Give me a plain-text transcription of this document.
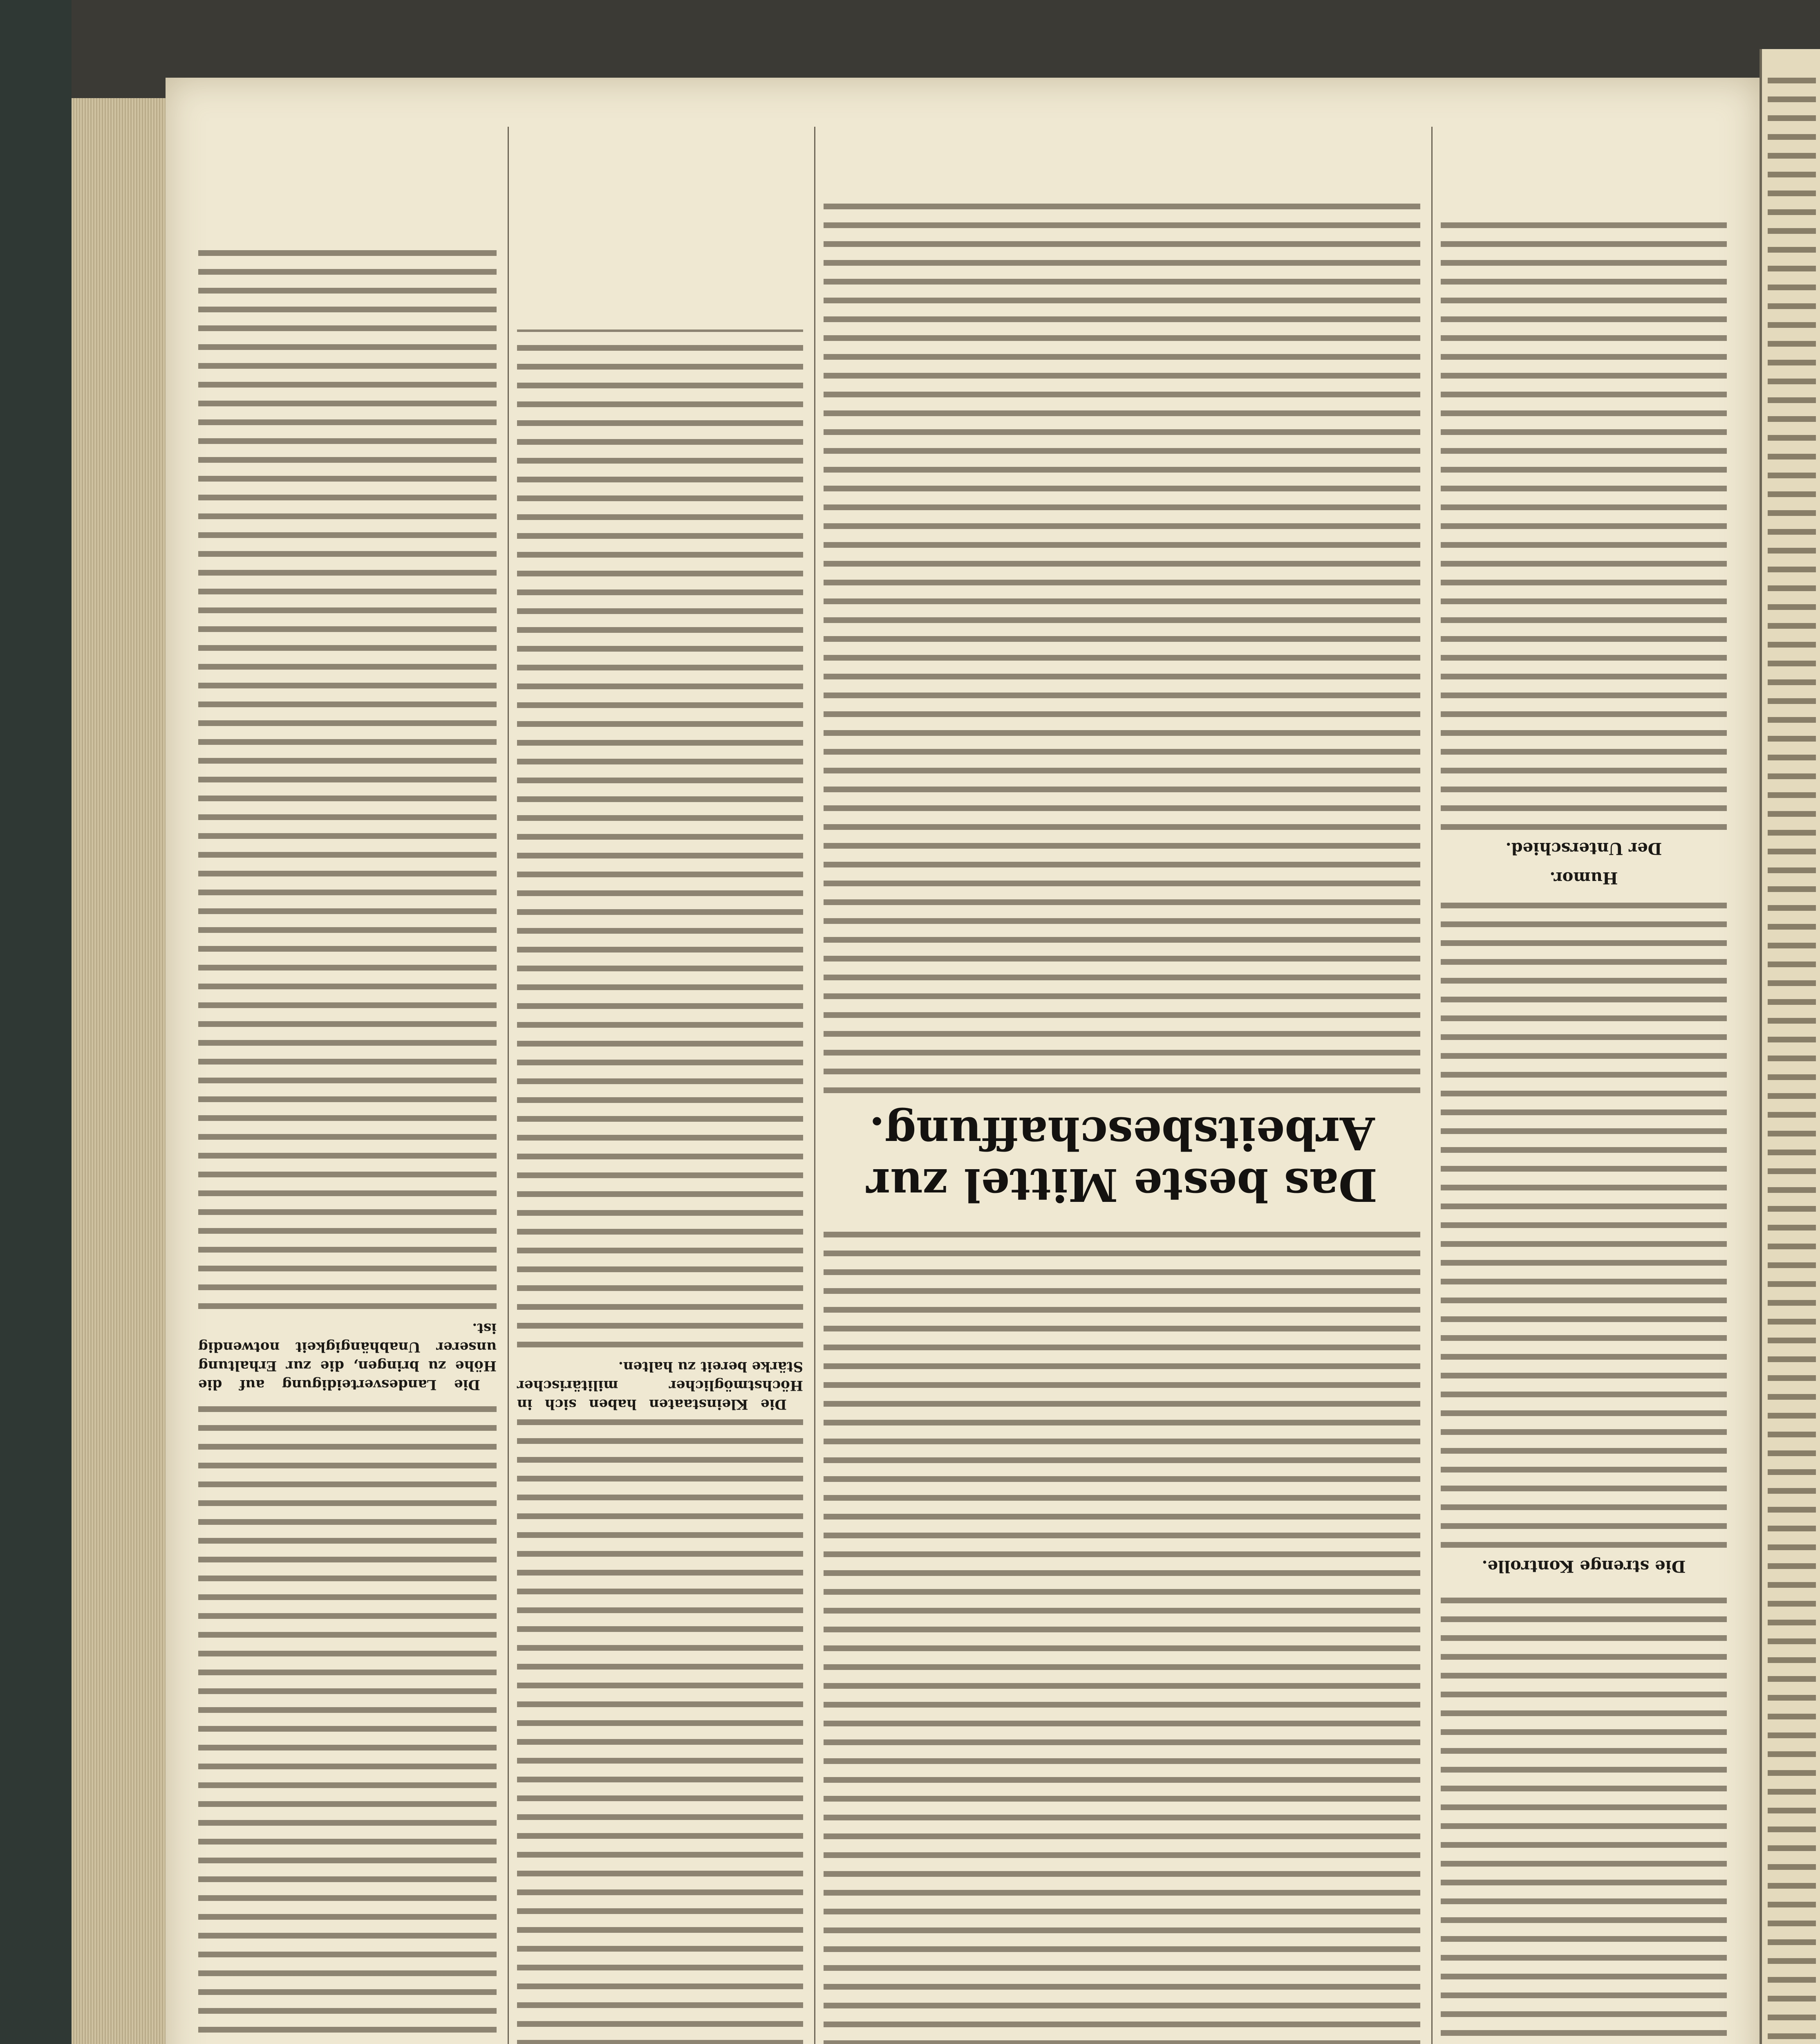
Die strenge Kontrolle.
Humor.
Der Unterschied.
Das beste Mittel zur Arbeitsbeschaffung.
Die Kleinstaaten haben sich in Höchstmöglicher militärischer Stärke bereit zu halten.
Die Landesverteidigung auf die Höhe zu bringen, die zur Erhaltung unserer Unabhängigkeit notwendig ist.
